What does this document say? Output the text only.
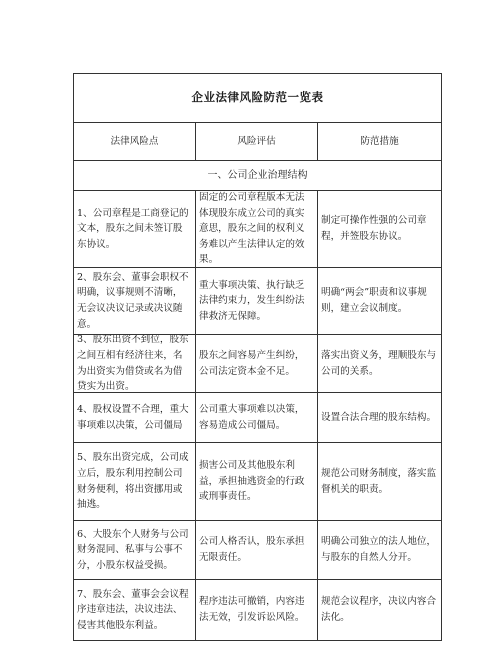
企业法律风险防范一览表
法律风险点	风险评估	防范措施
一、公司企业治理结构
1、公司章程是工商登记的文本，股东之间未签订股东协议。
固定的公司章程版本无法体现股东成立公司的真实意思，股东之间的权利义务难以产生法律认定的效果。
制定可操作性强的公司章程，并签股东协议。
2、股东会、董事会职权不明确，议事规则不清晰，无会议决议记录或决议随意。
重大事项决策、执行缺乏法律约束力，发生纠纷法律救济无保障。
明确“两会”职责和议事规则，建立会议制度。
3、股东出资不到位，股东之间互相有经济往来，名为出资实为借贷或名为借贷实为出资。
股东之间容易产生纠纷，公司法定资本金不足。
落实出资义务，理顺股东与公司的关系。
4、股权设置不合理，重大事项难以决策，公司僵局
公司重大事项难以决策，容易造成公司僵局。
设置合法合理的股东结构。
5、股东出资完成，公司成立后，股东利用控制公司财务便利，将出资挪用或抽逃。
损害公司及其他股东利益，承担抽逃资金的行政或刑事责任。
规范公司财务制度，落实监督机关的职责。
6、大股东个人财务与公司财务混同、私事与公事不分，小股东权益受损。
公司人格否认，股东承担无限责任。
明确公司独立的法人地位，与股东的自然人分开。
7、股东会、董事会会议程序违章违法，决议违法、侵害其他股东利益。
程序违法可撤销，内容违法无效，引发诉讼风险。
规范会议程序，决议内容合法化。
